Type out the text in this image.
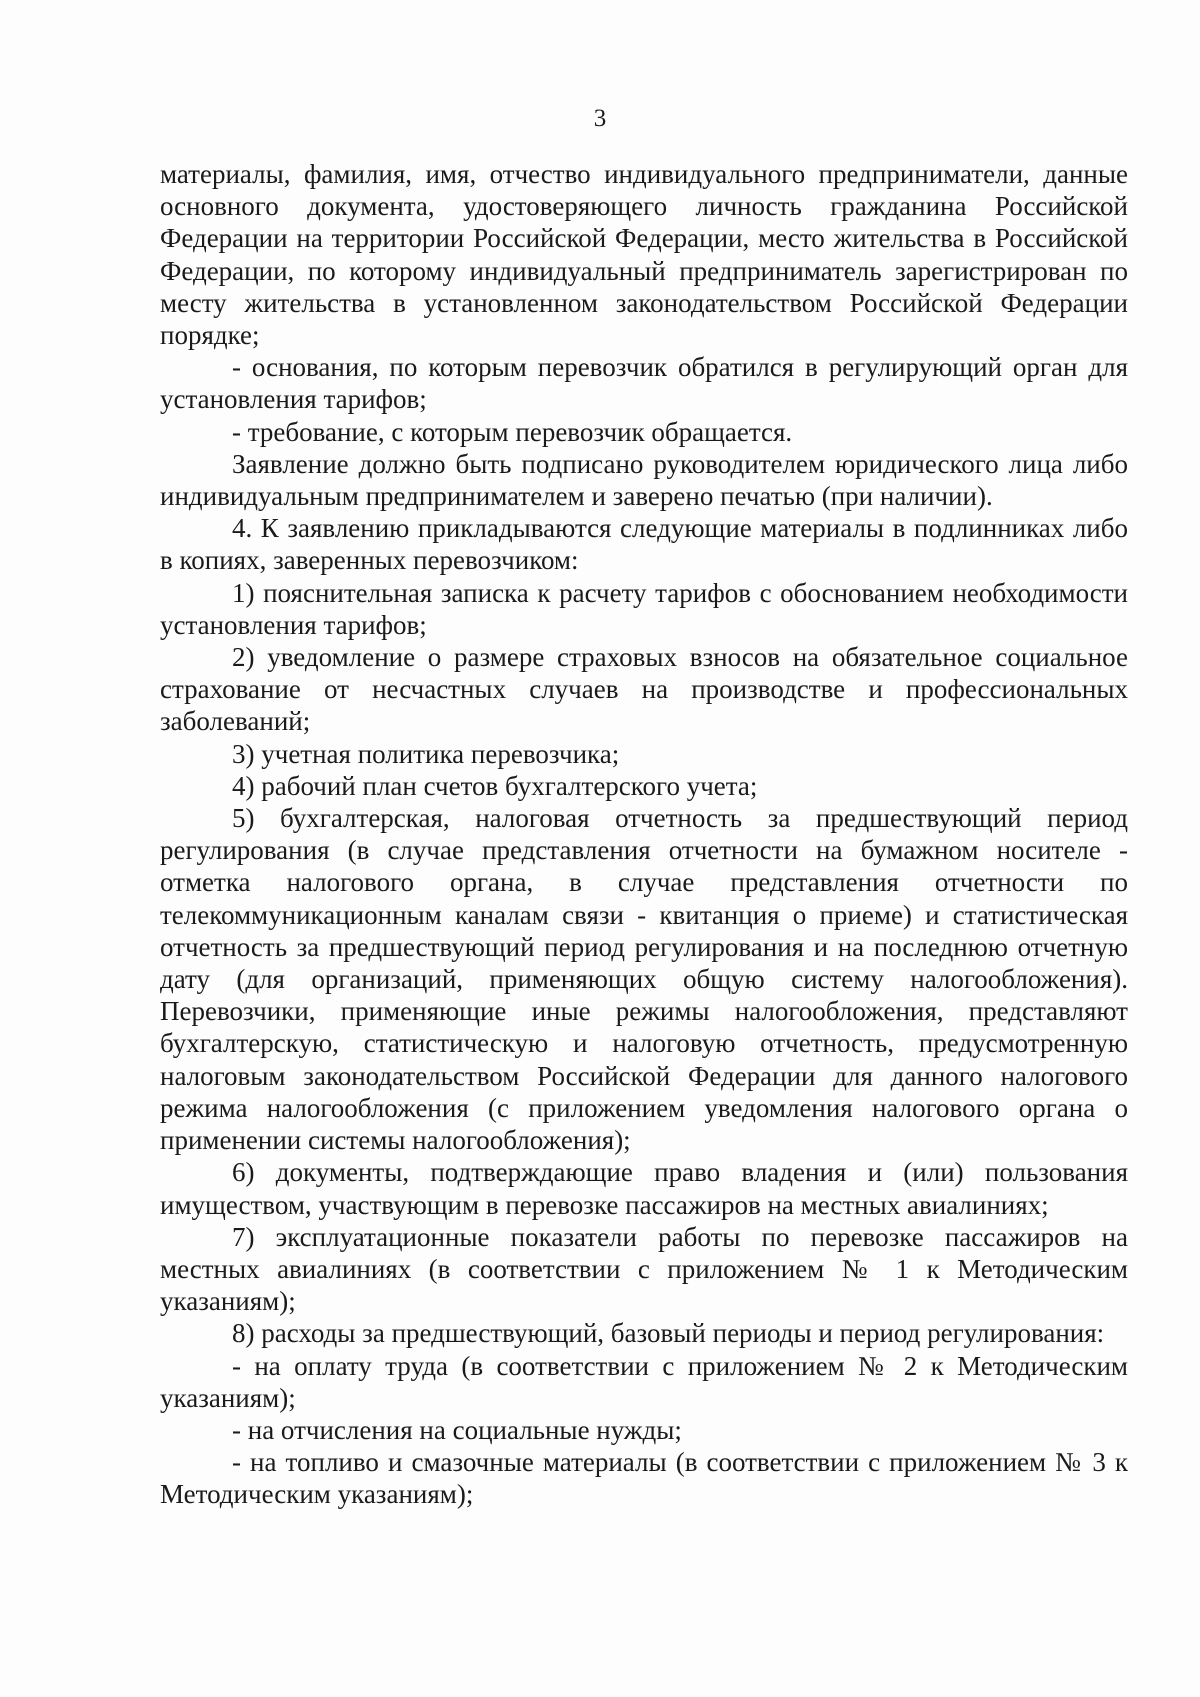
3

материалы, фамилия, имя, отчество индивидуального предприниматели, данные основного документа, удостоверяющего личность гражданина Российской Федерации на территории Российской Федерации, место жительства в Российской Федерации, по которому индивидуальный предприниматель зарегистрирован по месту жительства в установленном законодательством Российской Федерации порядке;

- основания, по которым перевозчик обратился в регулирующий орган для установления тарифов;

- требование, с которым перевозчик обращается.

Заявление должно быть подписано руководителем юридического лица либо индивидуальным предпринимателем и заверено печатью (при наличии).

4. К заявлению прикладываются следующие материалы в подлинниках либо в копиях, заверенных перевозчиком:

1) пояснительная записка к расчету тарифов с обоснованием необходимости установления тарифов;

2) уведомление о размере страховых взносов на обязательное социальное страхование от несчастных случаев на производстве и профессиональных заболеваний;

3) учетная политика перевозчика;

4) рабочий план счетов бухгалтерского учета;

5) бухгалтерская, налоговая отчетность за предшествующий период регулирования (в случае представления отчетности на бумажном носителе - отметка налогового органа, в случае представления отчетности по телекоммуникационным каналам связи - квитанция о приеме) и статистическая отчетность за предшествующий период регулирования и на последнюю отчетную дату (для организаций, применяющих общую систему налогообложения). Перевозчики, применяющие иные режимы налогообложения, представляют бухгалтерскую, статистическую и налоговую отчетность, предусмотренную налоговым законодательством Российской Федерации для данного налогового режима налогообложения (с приложением уведомления налогового органа о применении системы налогообложения);

6) документы, подтверждающие право владения и (или) пользования имуществом, участвующим в перевозке пассажиров на местных авиалиниях;

7) эксплуатационные показатели работы по перевозке пассажиров на местных авиалиниях (в соответствии с приложением № 1 к Методическим указаниям);

8) расходы за предшествующий, базовый периоды и период регулирования:

- на оплату труда (в соответствии с приложением № 2 к Методическим указаниям);

- на отчисления на социальные нужды;

- на топливо и смазочные материалы (в соответствии с приложением № 3 к Методическим указаниям);
